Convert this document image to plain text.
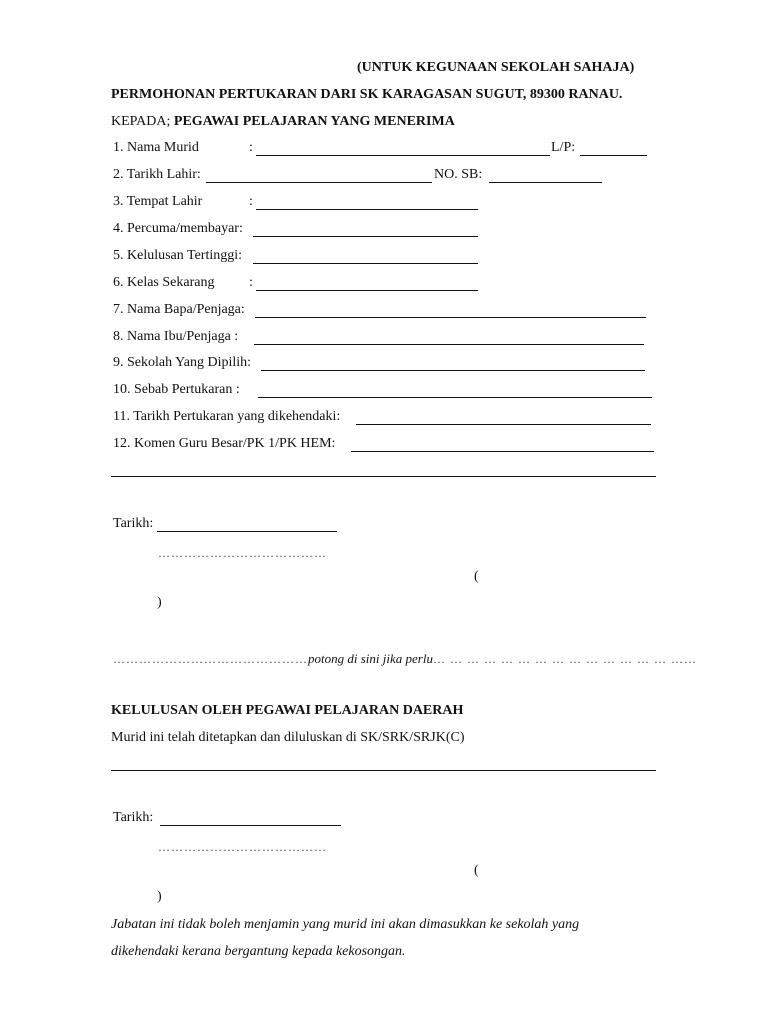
(UNTUK KEGUNAAN SEKOLAH SAHAJA)
PERMOHONAN PERTUKARAN DARI SK KARAGASAN SUGUT, 89300 RANAU.
KEPADA; PEGAWAI PELAJARAN YANG MENERIMA
1. Nama Murid	:	L/P:
2. Tarikh Lahir:	NO. SB:
3. Tempat Lahir	:
4. Percuma/membayar:
5. Kelulusan Tertinggi:
6. Kelas Sekarang :
7. Nama Bapa/Penjaga:
8. Nama Ibu/Penjaga :
9. Sekolah Yang Dipilih:
10. Sebab Pertukaran :
11. Tarikh Pertukaran yang dikehendaki:
12. Komen Guru Besar/PK 1/PK HEM:
Tarikh:
…………………………………
(
)
………………………………………potong di sini jika perlu… … … … … … … … … … … … … … ……
KELULUSAN OLEH PEGAWAI PELAJARAN DAERAH
Murid ini telah ditetapkan dan diluluskan di SK/SRK/SRJK(C)
Tarikh:
…………………………………
(
)
Jabatan ini tidak boleh menjamin yang murid ini akan dimasukkan ke sekolah yang
dikehendaki kerana bergantung kepada kekosongan.
